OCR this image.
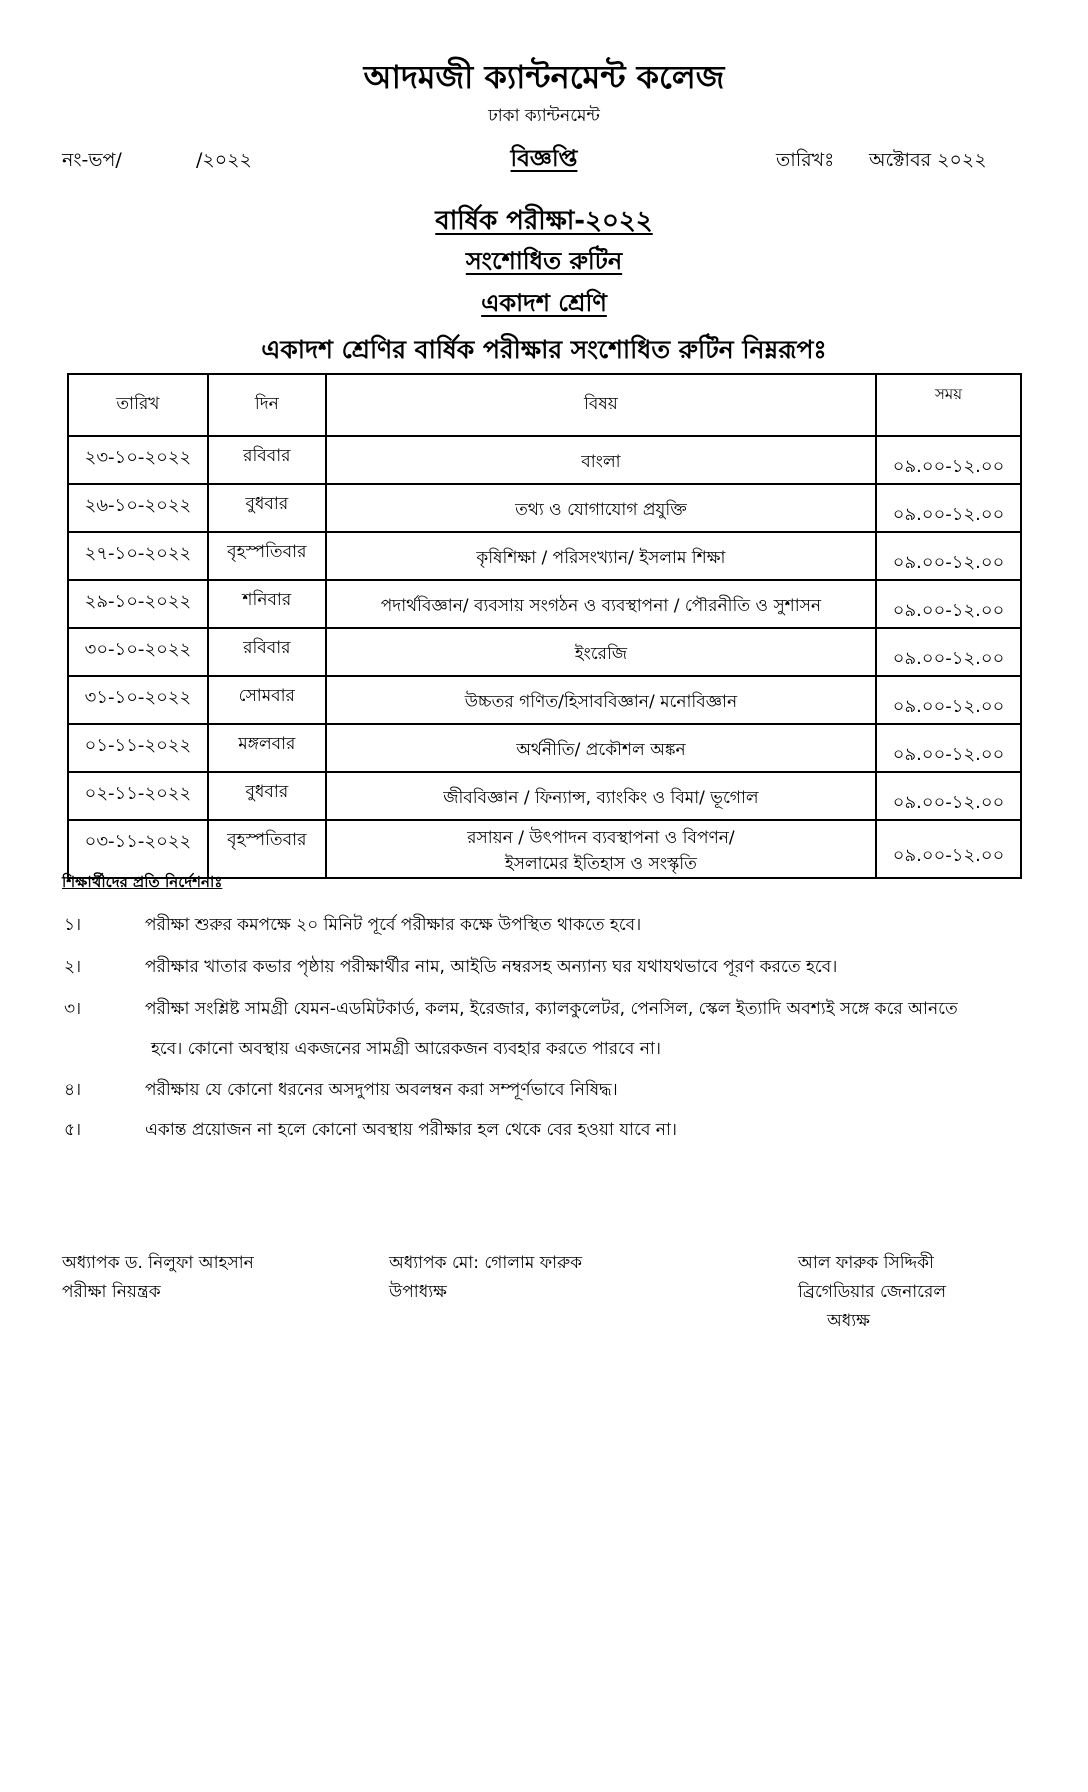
আদমজী ক্যান্টনমেন্ট কলেজ
ঢাকা ক্যান্টনমেন্ট
নং-ভপ/	/২০২২	বিজ্ঞপ্তি	তারিখঃ অক্টোবর ২০২২
বার্ষিক পরীক্ষা-২০২২
সংশোধিত রুটিন
একাদশ শ্রেণি
একাদশ শ্রেণির বার্ষিক পরীক্ষার সংশোধিত রুটিন নিম্নরূপঃ
তারিখ	দিন	বিষয়	সময়
২৩-১০-২০২২	রবিবার	বাংলা	০৯.০০-১২.০০
২৬-১০-২০২২	বুধবার	তথ্য ও যোগাযোগ প্রযুক্তি	০৯.০০-১২.০০
২৭-১০-২০২২	বৃহস্পতিবার	কৃষিশিক্ষা / পরিসংখ্যান/ ইসলাম শিক্ষা	০৯.০০-১২.০০
২৯-১০-২০২২	শনিবার	পদার্থবিজ্ঞান/ ব্যবসায় সংগঠন ও ব্যবস্থাপনা / পৌরনীতি ও সুশাসন	০৯.০০-১২.০০
৩০-১০-২০২২	রবিবার	ইংরেজি	০৯.০০-১২.০০
৩১-১০-২০২২	সোমবার	উচ্চতর গণিত/হিসাববিজ্ঞান/ মনোবিজ্ঞান	০৯.০০-১২.০০
০১-১১-২০২২	মঙ্গলবার	অর্থনীতি/ প্রকৌশল অঙ্কন	০৯.০০-১২.০০
০২-১১-২০২২	বুধবার	জীববিজ্ঞান / ফিন্যান্স, ব্যাংকিং ও বিমা/ ভূগোল	০৯.০০-১২.০০
০৩-১১-২০২২	বৃহস্পতিবার	রসায়ন / উৎপাদন ব্যবস্থাপনা ও বিপণন/
ইসলামের ইতিহাস ও সংস্কৃতি	০৯.০০-১২.০০
শিক্ষার্থীদের প্রতি নির্দেশনাঃ
১।	পরীক্ষা শুরুর কমপক্ষে ২০ মিনিট পূর্বে পরীক্ষার কক্ষে উপস্থিত থাকতে হবে।
২।	পরীক্ষার খাতার কভার পৃষ্ঠায় পরীক্ষার্থীর নাম, আইডি নম্বরসহ অন্যান্য ঘর যথাযথভাবে পূরণ করতে হবে।
৩।	পরীক্ষা সংশ্লিষ্ট সামগ্রী যেমন-এডমিটকার্ড, কলম, ইরেজার, ক্যালকুলেটর, পেনসিল, স্কেল ইত্যাদি অবশ্যই সঙ্গে করে আনতে
হবে। কোনো অবস্থায় একজনের সামগ্রী আরেকজন ব্যবহার করতে পারবে না।
৪।	পরীক্ষায় যে কোনো ধরনের অসদুপায় অবলম্বন করা সম্পূর্ণভাবে নিষিদ্ধ।
৫।	একান্ত প্রয়োজন না হলে কোনো অবস্থায় পরীক্ষার হল থেকে বের হওয়া যাবে না।
অধ্যাপক ড. নিলুফা আহসান
পরীক্ষা নিয়ন্ত্রক
অধ্যাপক মো: গোলাম ফারুক
উপাধ্যক্ষ
আল ফারুক সিদ্দিকী
ব্রিগেডিয়ার জেনারেল
অধ্যক্ষ
